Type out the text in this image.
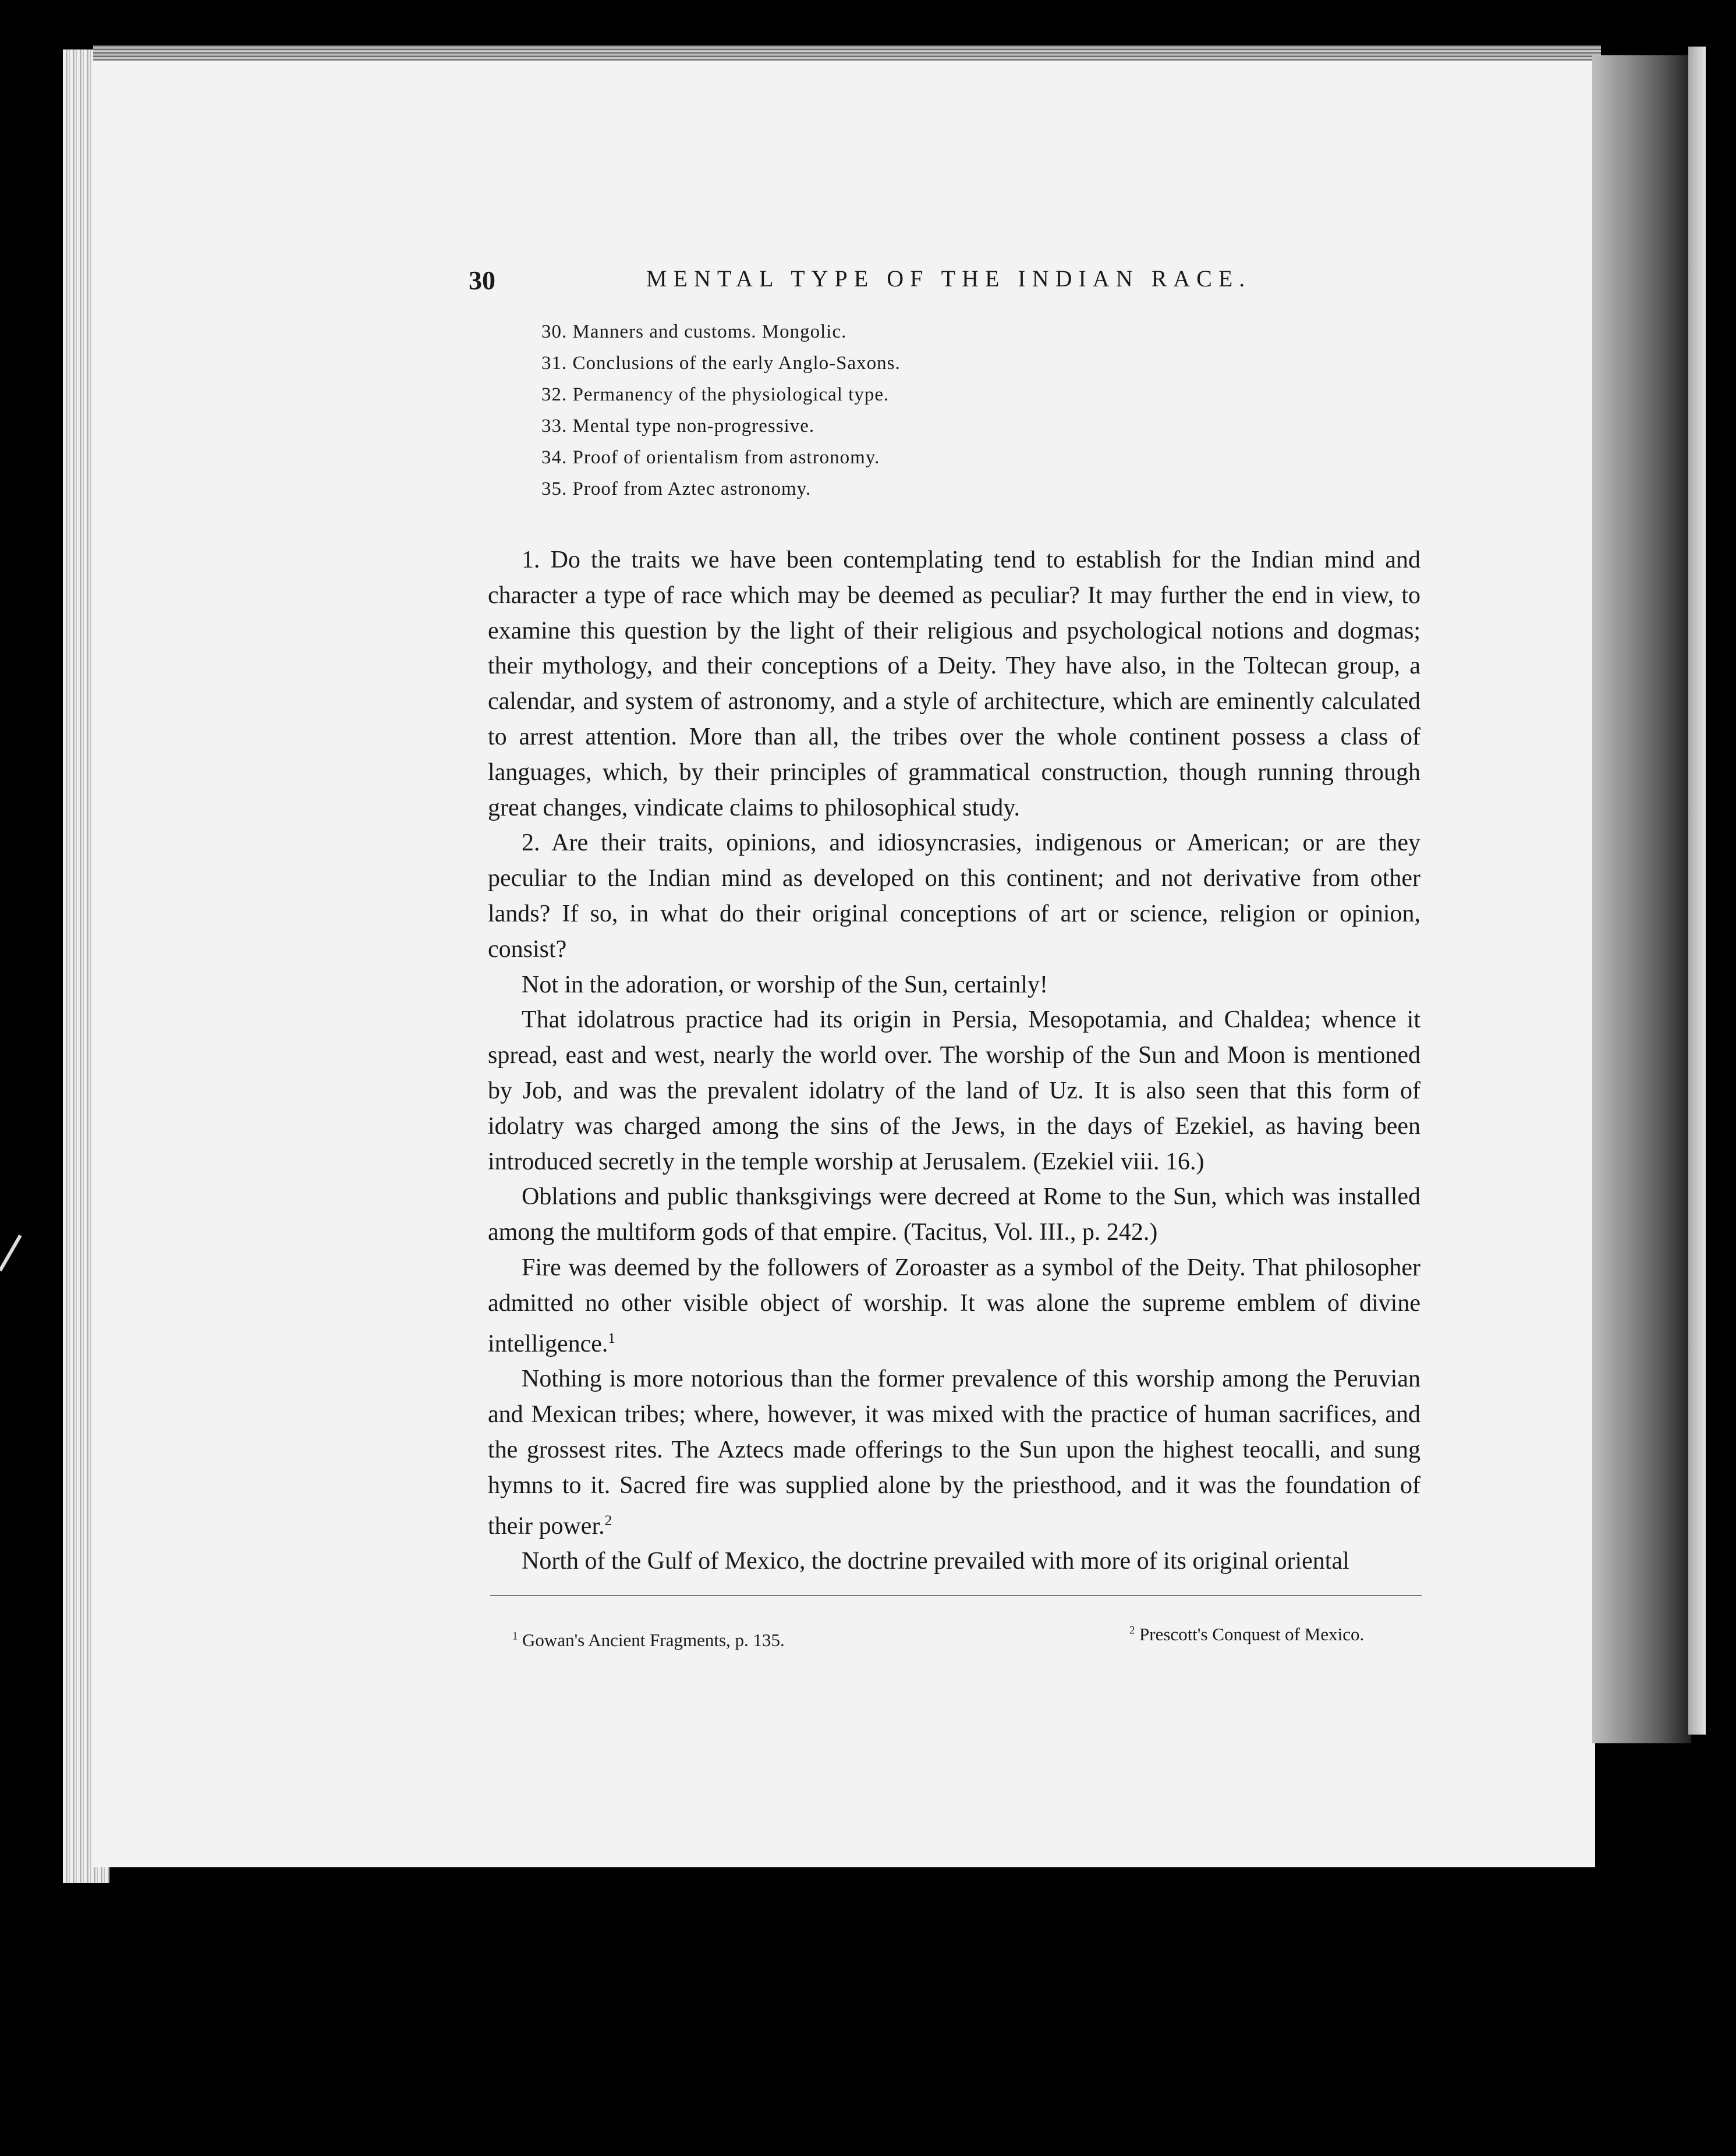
30	MENTAL TYPE OF THE INDIAN RACE.
30. Manners and customs. Mongolic.
31. Conclusions of the early Anglo-Saxons.
32. Permanency of the physiological type.
33. Mental type non-progressive.
34. Proof of orientalism from astronomy.
35. Proof from Aztec astronomy.

1. Do the traits we have been contemplating tend to establish for the Indian mind and character a type of race which may be deemed as peculiar? It may further the end in view, to examine this question by the light of their religious and psychological notions and dogmas; their mythology, and their conceptions of a Deity. They have also, in the Toltecan group, a calendar, and system of astronomy, and a style of architecture, which are eminently calculated to arrest attention. More than all, the tribes over the whole continent possess a class of languages, which, by their principles of grammatical construction, though running through great changes, vindicate claims to philosophical study.

2. Are their traits, opinions, and idiosyncrasies, indigenous or American; or are they peculiar to the Indian mind as developed on this continent; and not derivative from other lands? If so, in what do their original conceptions of art or science, religion or opinion, consist?

Not in the adoration, or worship of the Sun, certainly!

That idolatrous practice had its origin in Persia, Mesopotamia, and Chaldea; whence it spread, east and west, nearly the world over. The worship of the Sun and Moon is mentioned by Job, and was the prevalent idolatry of the land of Uz. It is also seen that this form of idolatry was charged among the sins of the Jews, in the days of Ezekiel, as having been introduced secretly in the temple worship at Jerusalem. (Ezekiel viii. 16.)

Oblations and public thanksgivings were decreed at Rome to the Sun, which was installed among the multiform gods of that empire. (Tacitus, Vol. III., p. 242.)

Fire was deemed by the followers of Zoroaster as a symbol of the Deity. That philosopher admitted no other visible object of worship. It was alone the supreme emblem of divine intelligence.$^1$

Nothing is more notorious than the former prevalence of this worship among the Peruvian and Mexican tribes; where, however, it was mixed with the practice of human sacrifices, and the grossest rites. The Aztecs made offerings to the Sun upon the highest teocalli, and sung hymns to it. Sacred fire was supplied alone by the priesthood, and it was the foundation of their power.$^2$

North of the Gulf of Mexico, the doctrine prevailed with more of its original oriental

$^1$ Gowan's Ancient Fragments, p. 135.	$^2$ Prescott's Conquest of Mexico.
